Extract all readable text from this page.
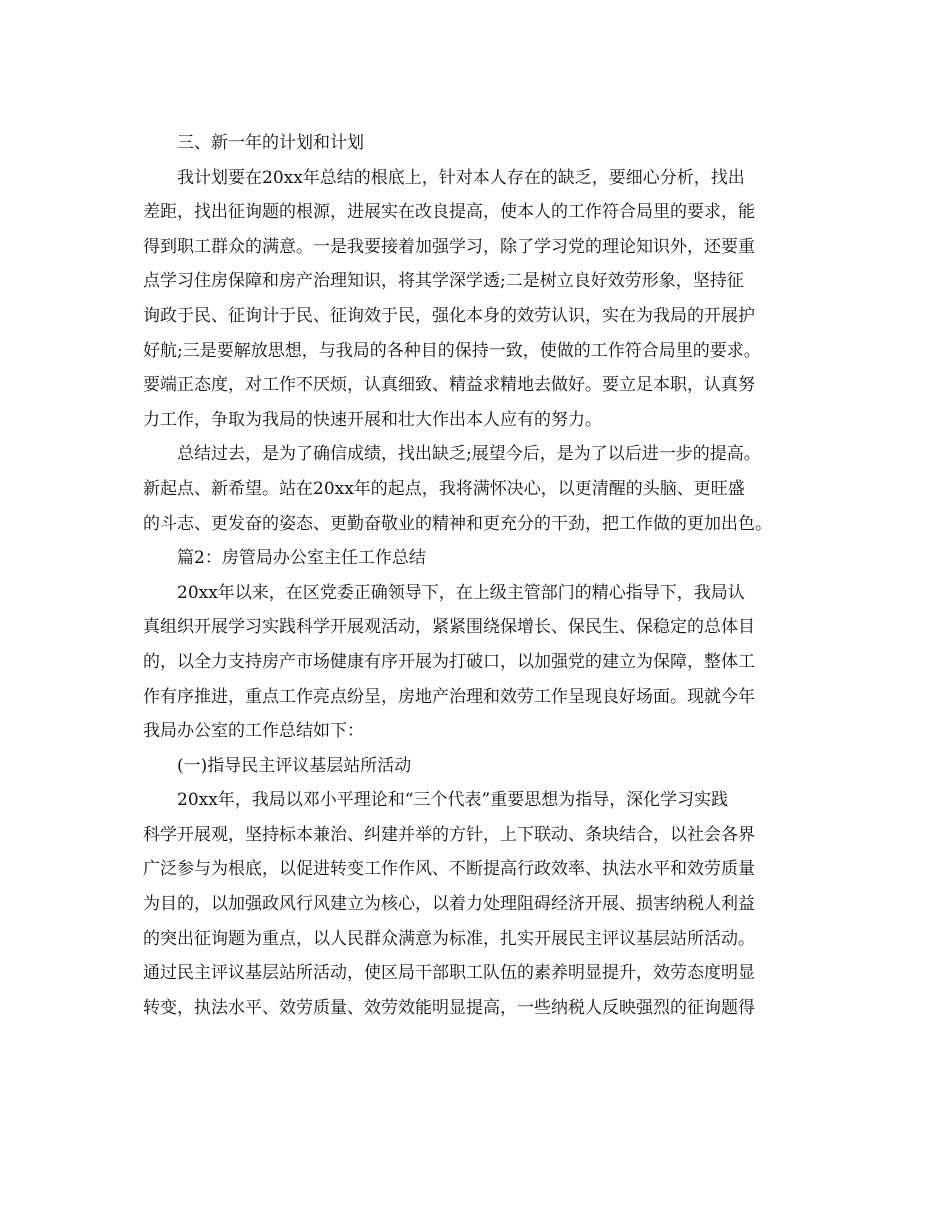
三、新一年的计划和计划
我计划要在20xx年总结的根底上，针对本人存在的缺乏，要细心分析，找出
差距，找出征询题的根源，进展实在改良提高，使本人的工作符合局里的要求，能
得到职工群众的满意。一是我要接着加强学习，除了学习党的理论知识外，还要重
点学习住房保障和房产治理知识，将其学深学透;二是树立良好效劳形象，坚持征
询政于民、征询计于民、征询效于民，强化本身的效劳认识，实在为我局的开展护
好航;三是要解放思想，与我局的各种目的保持一致，使做的工作符合局里的要求。
要端正态度，对工作不厌烦，认真细致、精益求精地去做好。要立足本职，认真努
力工作，争取为我局的快速开展和壮大作出本人应有的努力。
总结过去，是为了确信成绩，找出缺乏;展望今后，是为了以后进一步的提高。
新起点、新希望。站在20xx年的起点，我将满怀决心，以更清醒的头脑、更旺盛
的斗志、更发奋的姿态、更勤奋敬业的精神和更充分的干劲，把工作做的更加出色。
篇2：房管局办公室主任工作总结
20xx年以来，在区党委正确领导下，在上级主管部门的精心指导下，我局认
真组织开展学习实践科学开展观活动，紧紧围绕保增长、保民生、保稳定的总体目
的，以全力支持房产市场健康有序开展为打破口，以加强党的建立为保障，整体工
作有序推进，重点工作亮点纷呈，房地产治理和效劳工作呈现良好场面。现就今年
我局办公室的工作总结如下：
(一)指导民主评议基层站所活动
20xx年，我局以邓小平理论和“三个代表”重要思想为指导，深化学习实践
科学开展观，坚持标本兼治、纠建并举的方针，上下联动、条块结合，以社会各界
广泛参与为根底，以促进转变工作作风、不断提高行政效率、执法水平和效劳质量
为目的，以加强政风行风建立为核心，以着力处理阻碍经济开展、损害纳税人利益
的突出征询题为重点，以人民群众满意为标准，扎实开展民主评议基层站所活动。
通过民主评议基层站所活动，使区局干部职工队伍的素养明显提升，效劳态度明显
转变，执法水平、效劳质量、效劳效能明显提高，一些纳税人反映强烈的征询题得
